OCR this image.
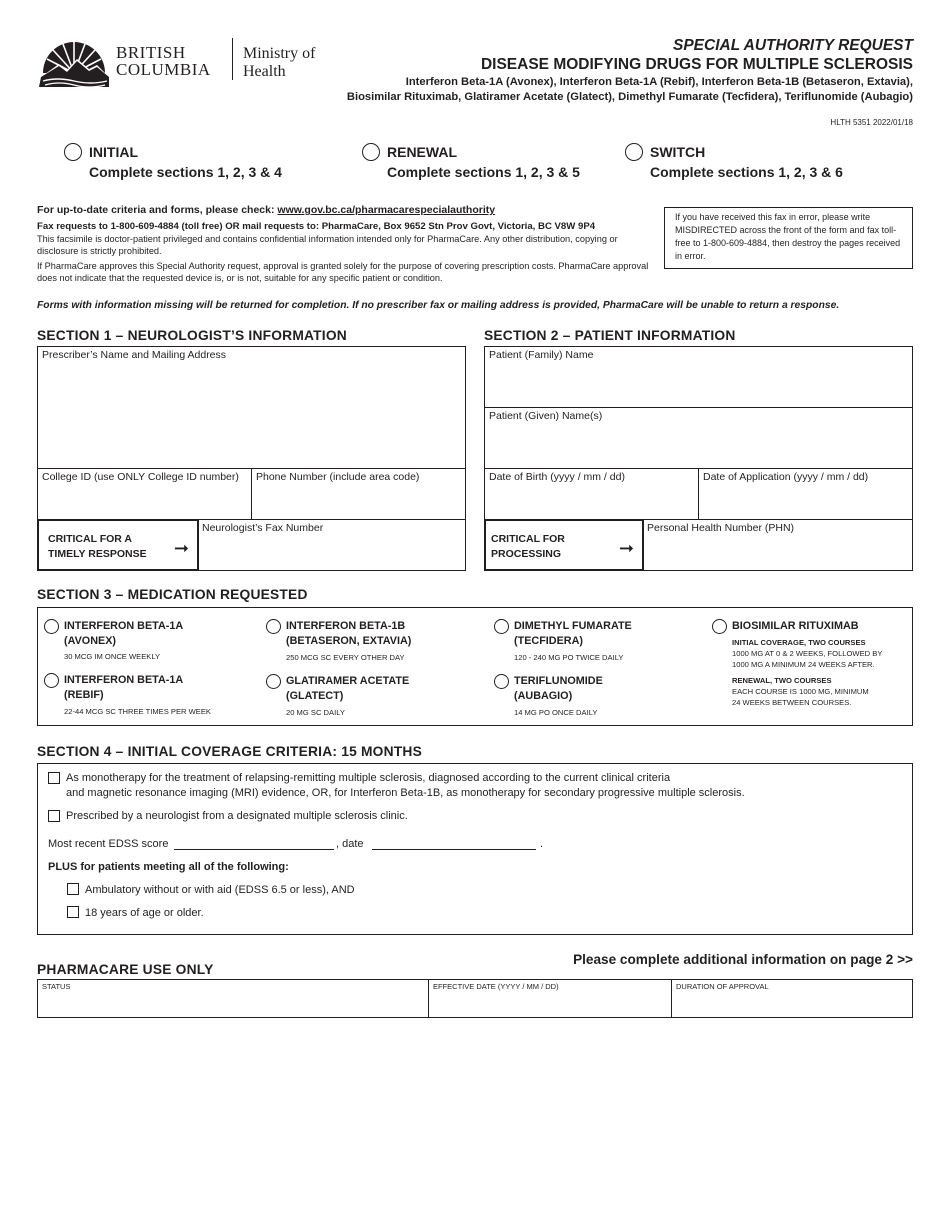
BRITISH
COLUMBIA
Ministry of
Health
SPECIAL AUTHORITY REQUEST
DISEASE MODIFYING DRUGS FOR MULTIPLE SCLEROSIS
Interferon Beta-1A (Avonex), Interferon Beta-1A (Rebif), Interferon Beta-1B (Betaseron, Extavia),
Biosimilar Rituximab, Glatiramer Acetate (Glatect), Dimethyl Fumarate (Tecfidera), Teriflunomide (Aubagio)
HLTH 5351 2022/01/18
INITIAL
Complete sections 1, 2, 3 & 4
RENEWAL
Complete sections 1, 2, 3 & 5
SWITCH
Complete sections 1, 2, 3 & 6
For up-to-date criteria and forms, please check: www.gov.bc.ca/pharmacarespecialauthority
Fax requests to 1-800-609-4884 (toll free) OR mail requests to: PharmaCare, Box 9652 Stn Prov Govt, Victoria, BC V8W 9P4

This facsimile is doctor-patient privileged and contains confidential information intended only for PharmaCare. Any other distribution, copying or disclosure is strictly prohibited.

If PharmaCare approves this Special Authority request, approval is granted solely for the purpose of covering prescription costs. PharmaCare approval does not indicate that the requested device is, or is not, suitable for any specific patient or condition.

If you have received this fax in error, please write MISDIRECTED across the front of the form and fax toll-free to 1-800-609-4884, then destroy the pages received in error.
Forms with information missing will be returned for completion. If no prescriber fax or mailing address is provided, PharmaCare will be unable to return a response.
SECTION 1 – NEUROLOGIST’S INFORMATION
Prescriber’s Name and Mailing Address
College ID (use ONLY College ID number)	Phone Number (include area code)
CRITICAL FOR A
TIMELY RESPONSE	➞
Neurologist’s Fax Number
SECTION 2 – PATIENT INFORMATION
Patient (Family) Name
Patient (Given) Name(s)
Date of Birth (yyyy / mm / dd)	Date of Application (yyyy / mm / dd)
CRITICAL FOR
PROCESSING	➞
Personal Health Number (PHN)
SECTION 3 – MEDICATION REQUESTED
INTERFERON BETA-1A
(AVONEX)
30 MCG IM ONCE WEEKLY
INTERFERON BETA-1A
(REBIF)
22-44 MCG SC THREE TIMES PER WEEK
INTERFERON BETA-1B
(BETASERON, EXTAVIA)
250 MCG SC EVERY OTHER DAY
GLATIRAMER ACETATE
(GLATECT)
20 MG SC DAILY
DIMETHYL FUMARATE
(TECFIDERA)
120 - 240 MG PO TWICE DAILY
TERIFLUNOMIDE
(AUBAGIO)
14 MG PO ONCE DAILY
BIOSIMILAR RITUXIMAB
INITIAL COVERAGE, TWO COURSES
1000 MG AT 0 & 2 WEEKS, FOLLOWED BY
1000 MG A MINIMUM 24 WEEKS AFTER.
RENEWAL, TWO COURSES
EACH COURSE IS 1000 MG, MINIMUM
24 WEEKS BETWEEN COURSES.
SECTION 4 – INITIAL COVERAGE CRITERIA: 15 MONTHS
As monotherapy for the treatment of relapsing-remitting multiple sclerosis, diagnosed according to the current clinical criteria
and magnetic resonance imaging (MRI) evidence, OR, for Interferon Beta-1B, as monotherapy for secondary progressive multiple sclerosis.
Prescribed by a neurologist from a designated multiple sclerosis clinic.
Most recent EDSS score	, date	.
PLUS for patients meeting all of the following:
Ambulatory without or with aid (EDSS 6.5 or less), AND
18 years of age or older.
PHARMACARE USE ONLY
Please complete additional information on page 2 >>
STATUS	EFFECTIVE DATE (YYYY / MM / DD)	DURATION OF APPROVAL
